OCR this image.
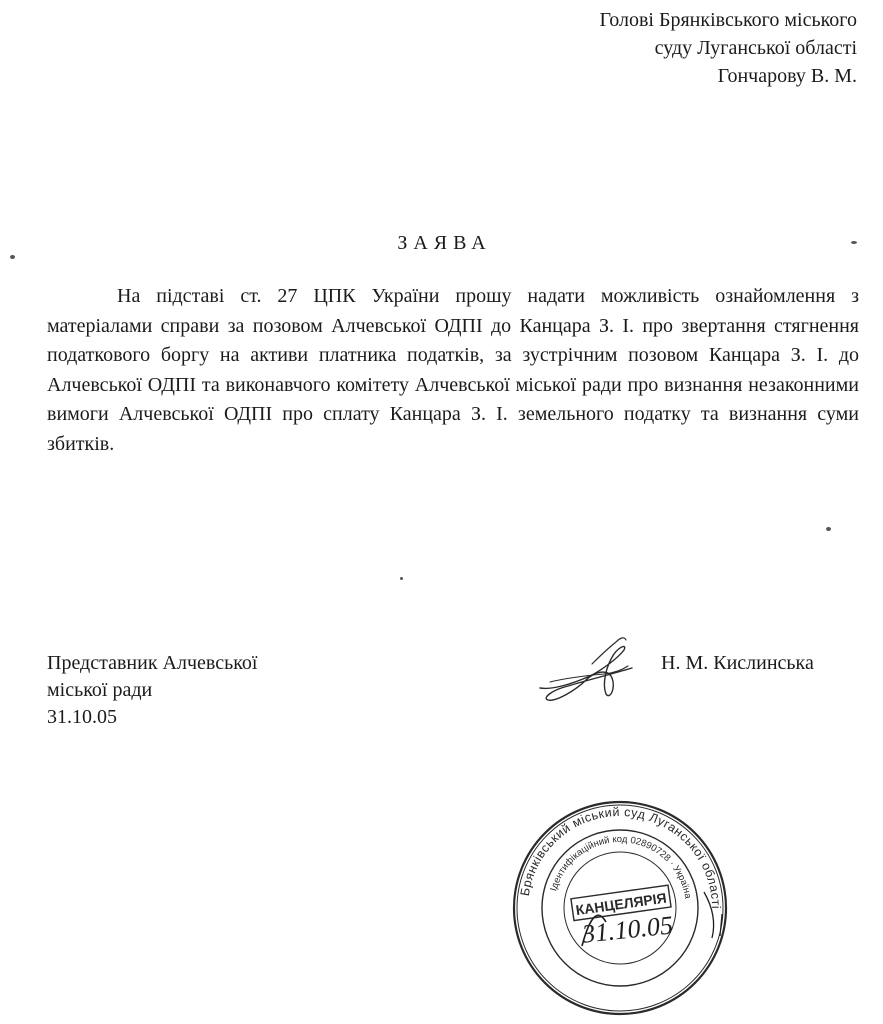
Голові Брянківського міського
суду Луганської області
Гончарову В. М.
ЗАЯВА

На підставі ст. 27 ЦПК України прошу надати можливість ознайомлення з матеріалами справи за позовом Алчевської ОДПІ до Канцара З. І. про звертання стягнення податкового боргу на активи платника податків, за зустрічним позовом Канцара З. І. до Алчевської ОДПІ та виконавчого комітету Алчевської міської ради про визнання незаконними вимоги Алчевської ОДПІ про сплату Канцара З. І. земельного податку та визнання суми збитків.

Представник Алчевської
міської ради
31.10.05
Н. М. Кислинська
Брянківський міський суд Луганської області
Ідентифікаційний код 02890728 · Україна
КАНЦЕЛЯРІЯ
31.10.05
